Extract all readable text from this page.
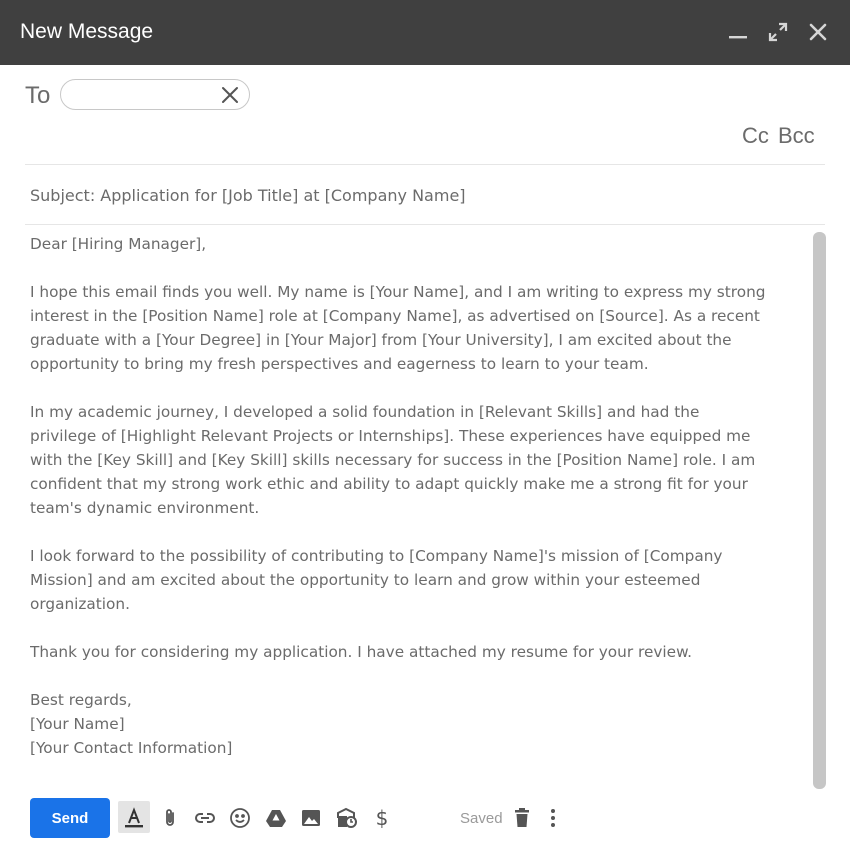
New Message
To
Cc Bcc
Subject: Application for [Job Title] at [Company Name]

Dear [Hiring Manager],

I hope this email finds you well. My name is [Your Name], and I am writing to express my strong
interest in the [Position Name] role at [Company Name], as advertised on [Source]. As a recent
graduate with a [Your Degree] in [Your Major] from [Your University], I am excited about the
opportunity to bring my fresh perspectives and eagerness to learn to your team.

In my academic journey, I developed a solid foundation in [Relevant Skills] and had the
privilege of [Highlight Relevant Projects or Internships]. These experiences have equipped me
with the [Key Skill] and [Key Skill] skills necessary for success in the [Position Name] role. I am
confident that my strong work ethic and ability to adapt quickly make me a strong fit for your
team's dynamic environment.

I look forward to the possibility of contributing to [Company Name]'s mission of [Company
Mission] and am excited about the opportunity to learn and grow within your esteemed
organization.

Thank you for considering my application. I have attached my resume for your review.

Best regards,
[Your Name]
[Your Contact Information]

Send	$	Saved
